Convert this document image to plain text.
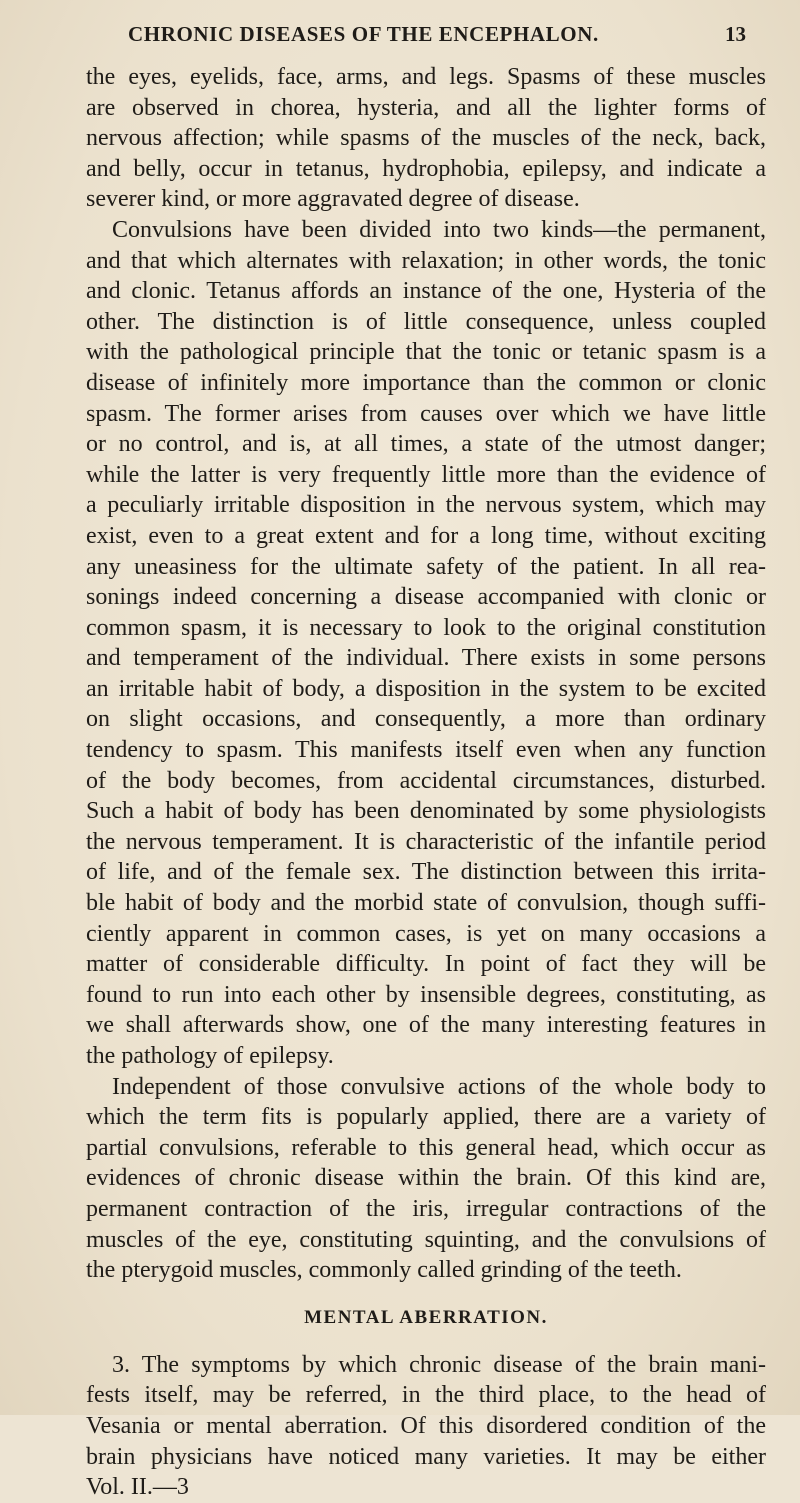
CHRONIC DISEASES OF THE ENCEPHALON.	13
the eyes, eyelids, face, arms, and legs. Spasms of these muscles
are observed in chorea, hysteria, and all the lighter forms of
nervous affection; while spasms of the muscles of the neck, back,
and belly, occur in tetanus, hydrophobia, epilepsy, and indicate a
severer kind, or more aggravated degree of disease.
Convulsions have been divided into two kinds—the permanent,
and that which alternates with relaxation; in other words, the tonic
and clonic. Tetanus affords an instance of the one, Hysteria of the
other. The distinction is of little consequence, unless coupled
with the pathological principle that the tonic or tetanic spasm is a
disease of infinitely more importance than the common or clonic
spasm. The former arises from causes over which we have little
or no control, and is, at all times, a state of the utmost danger;
while the latter is very frequently little more than the evidence of
a peculiarly irritable disposition in the nervous system, which may
exist, even to a great extent and for a long time, without exciting
any uneasiness for the ultimate safety of the patient. In all rea-
sonings indeed concerning a disease accompanied with clonic or
common spasm, it is necessary to look to the original constitution
and temperament of the individual. There exists in some persons
an irritable habit of body, a disposition in the system to be excited
on slight occasions, and consequently, a more than ordinary
tendency to spasm. This manifests itself even when any function
of the body becomes, from accidental circumstances, disturbed.
Such a habit of body has been denominated by some physiologists
the nervous temperament. It is characteristic of the infantile period
of life, and of the female sex. The distinction between this irrita-
ble habit of body and the morbid state of convulsion, though suffi-
ciently apparent in common cases, is yet on many occasions a
matter of considerable difficulty. In point of fact they will be
found to run into each other by insensible degrees, constituting, as
we shall afterwards show, one of the many interesting features in
the pathology of epilepsy.
Independent of those convulsive actions of the whole body to
which the term fits is popularly applied, there are a variety of
partial convulsions, referable to this general head, which occur as
evidences of chronic disease within the brain. Of this kind are,
permanent contraction of the iris, irregular contractions of the
muscles of the eye, constituting squinting, and the convulsions of
the pterygoid muscles, commonly called grinding of the teeth.
MENTAL ABERRATION.
3. The symptoms by which chronic disease of the brain mani-
fests itself, may be referred, in the third place, to the head of
Vesania or mental aberration. Of this disordered condition of the
brain physicians have noticed many varieties. It may be either
Vol. II.—3
